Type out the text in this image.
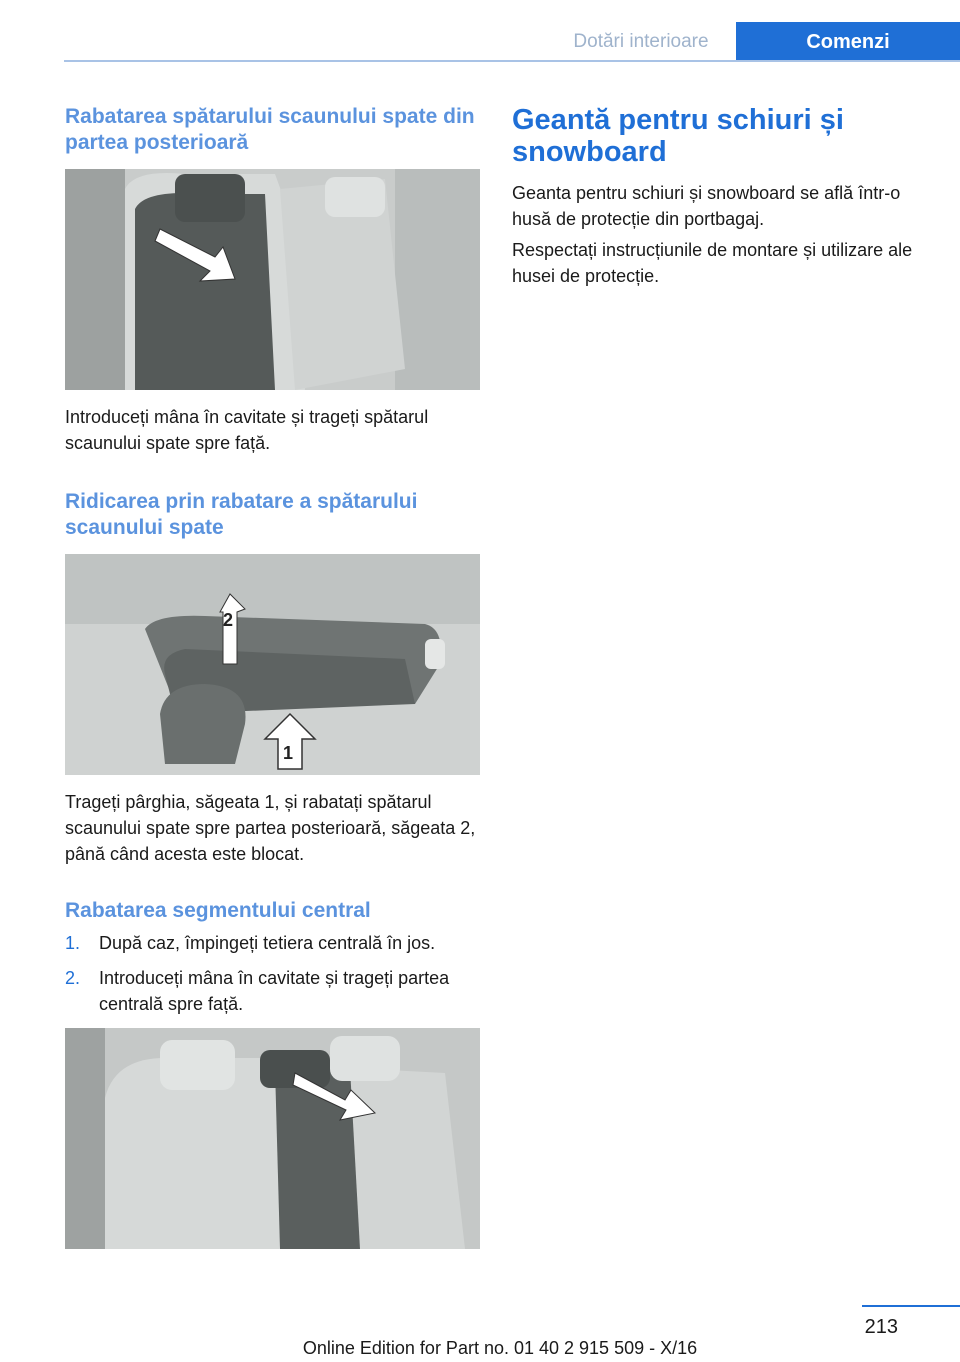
Dotări interioare	Comenzi
Rabatarea spătarului scaunului spate din partea posterioară
Introduceți mâna în cavitate și trageți spătarul scaunului spate spre față.
Ridicarea prin rabatare a spătarului scaunului spate
2
1
Trageți pârghia, săgeata 1, și rabatați spătarul scaunului spate spre partea posterioară, săgeata 2, până când acesta este blocat.
Rabatarea segmentului central
1. După caz, împingeți tetiera centrală în jos.
2. Introduceți mâna în cavitate și trageți partea centrală spre față.
Geantă pentru schiuri și snowboard
Geanta pentru schiuri și snowboard se află într-o husă de protecție din portbagaj.
Respectați instrucțiunile de montare și utilizare ale husei de protecție.
213
Online Edition for Part no. 01 40 2 915 509 - X/16
